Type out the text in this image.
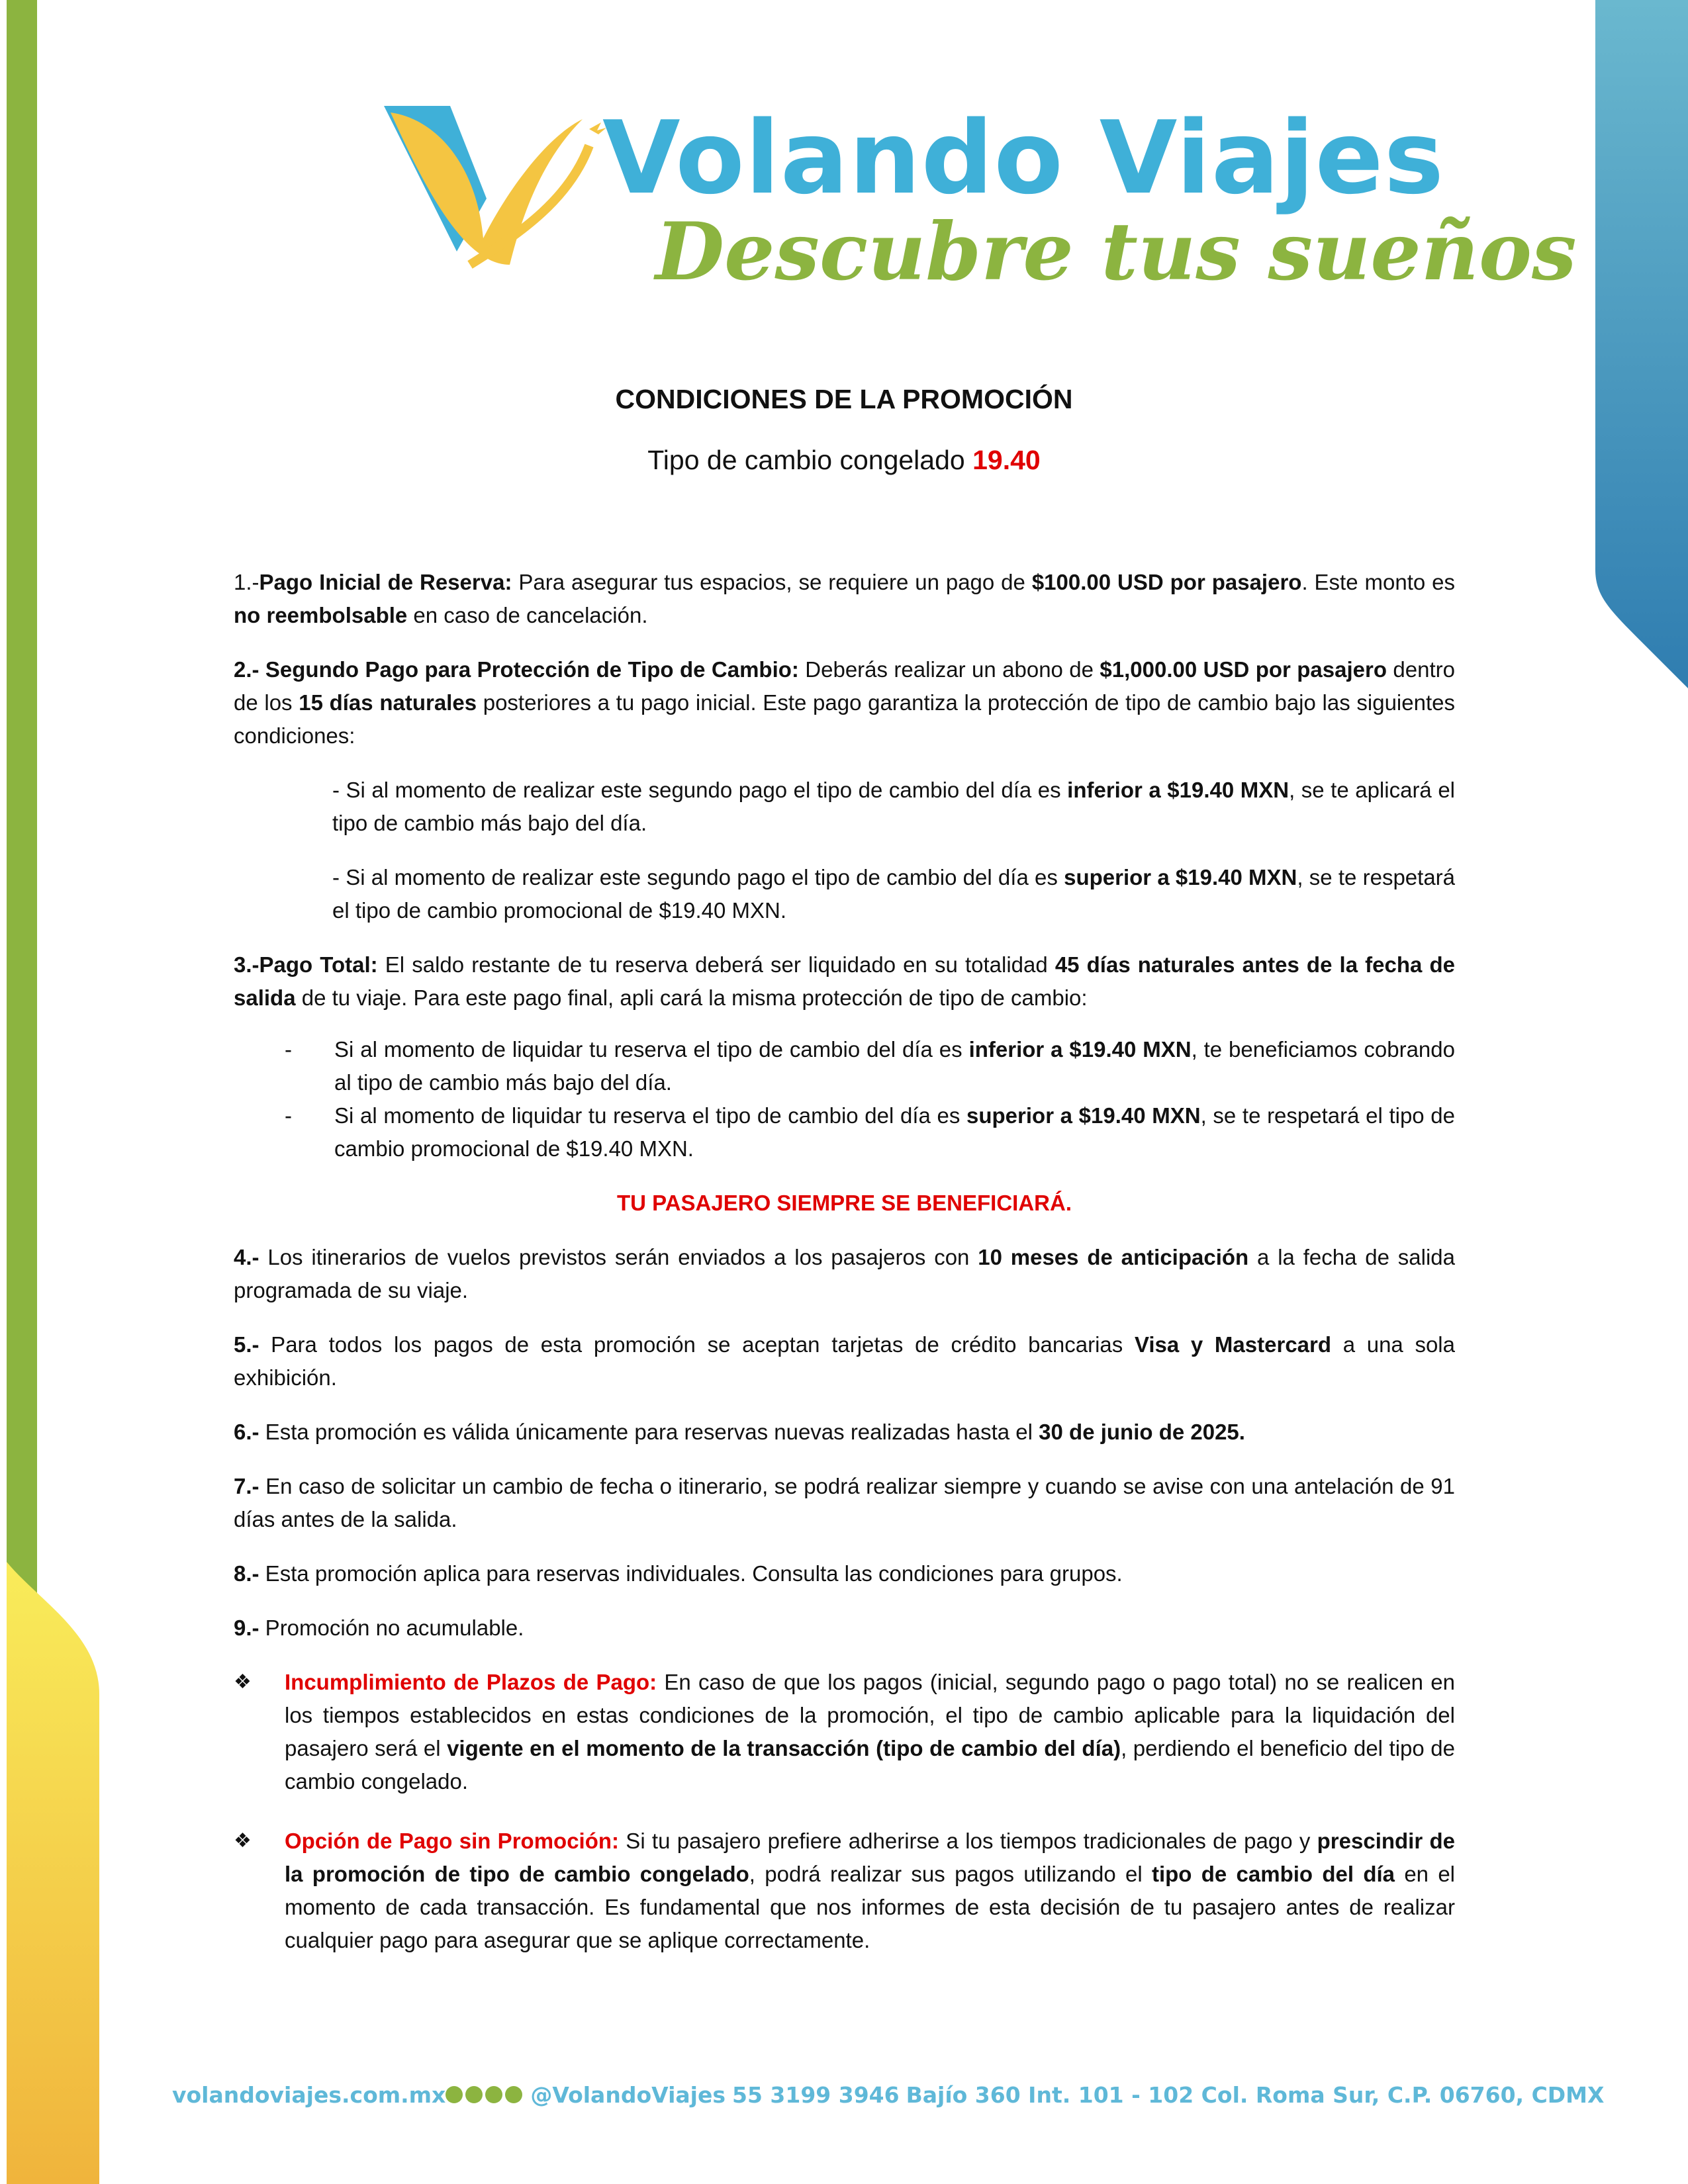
Volando Viajes
Descubre tus sueños
CONDICIONES DE LA PROMOCIÓN
Tipo de cambio congelado 19.40

1.-Pago Inicial de Reserva: Para asegurar tus espacios, se requiere un pago de $100.00 USD por pasajero. Este monto es no reembolsable en caso de cancelación.

2.- Segundo Pago para Protección de Tipo de Cambio: Deberás realizar un abono de $1,000.00 USD por pasajero dentro de los 15 días naturales posteriores a tu pago inicial. Este pago garantiza la protección de tipo de cambio bajo las siguientes condiciones:

- Si al momento de realizar este segundo pago el tipo de cambio del día es inferior a $19.40 MXN, se te aplicará el tipo de cambio más bajo del día.

- Si al momento de realizar este segundo pago el tipo de cambio del día es superior a $19.40 MXN, se te respetará el tipo de cambio promocional de $19.40 MXN.

3.-Pago Total: El saldo restante de tu reserva deberá ser liquidado en su totalidad 45 días naturales antes de la fecha de salida de tu viaje. Para este pago final, apli cará la misma protección de tipo de cambio:

- Si al momento de liquidar tu reserva el tipo de cambio del día es inferior a $19.40 MXN, te beneficiamos cobrando al tipo de cambio más bajo del día.

- Si al momento de liquidar tu reserva el tipo de cambio del día es superior a $19.40 MXN, se te respetará el tipo de cambio promocional de $19.40 MXN.

TU PASAJERO SIEMPRE SE BENEFICIARÁ.

4.- Los itinerarios de vuelos previstos serán enviados a los pasajeros con 10 meses de anticipación a la fecha de salida programada de su viaje.

5.- Para todos los pagos de esta promoción se aceptan tarjetas de crédito bancarias Visa y Mastercard a una sola exhibición.

6.- Esta promoción es válida únicamente para reservas nuevas realizadas hasta el 30 de junio de 2025.

7.- En caso de solicitar un cambio de fecha o itinerario, se podrá realizar siempre y cuando se avise con una antelación de 91 días antes de la salida.

8.- Esta promoción aplica para reservas individuales. Consulta las condiciones para grupos.

9.- Promoción no acumulable.

❖ Incumplimiento de Plazos de Pago: En caso de que los pagos (inicial, segundo pago o pago total) no se realicen en los tiempos establecidos en estas condiciones de la promoción, el tipo de cambio aplicable para la liquidación del pasajero será el vigente en el momento de la transacción (tipo de cambio del día), perdiendo el beneficio del tipo de cambio congelado.

❖ Opción de Pago sin Promoción: Si tu pasajero prefiere adherirse a los tiempos tradicionales de pago y prescindir de la promoción de tipo de cambio congelado, podrá realizar sus pagos utilizando el tipo de cambio del día en el momento de cada transacción. Es fundamental que nos informes de esta decisión de tu pasajero antes de realizar cualquier pago para asegurar que se aplique correctamente.

volandoviajes.com.mx	@VolandoViajes 55 3199 3946 Bajío 360 Int. 101 - 102 Col. Roma Sur, C.P. 06760, CDMX
